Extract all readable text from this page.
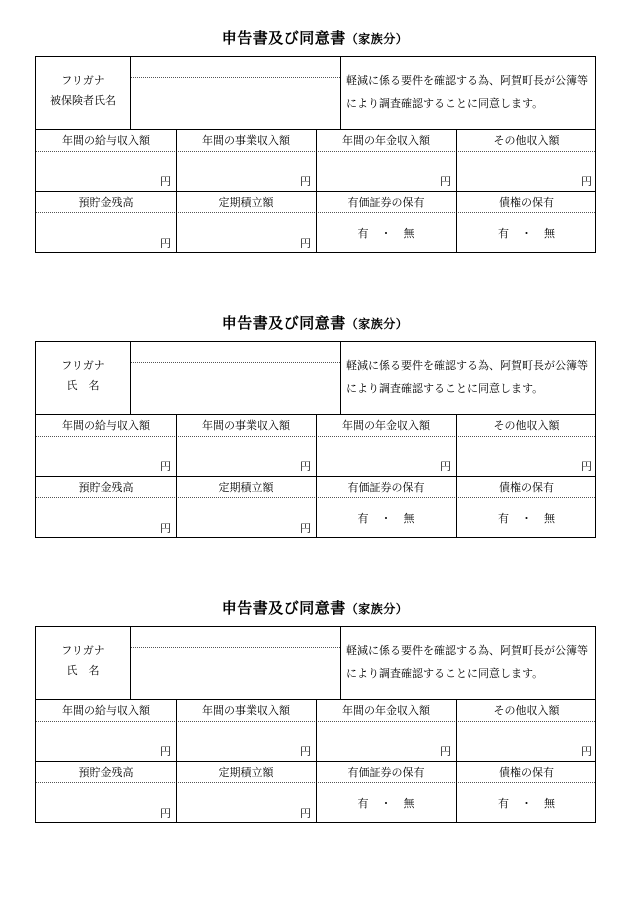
申告書及び同意書（家族分）
フリガナ
被保険者氏名
軽減に係る要件を確認する為、阿賀町長が公簿等
により調査確認することに同意します。
年間の給与収入額
円
年間の事業収入額
円
年間の年金収入額
円
その他収入額
円
預貯金残高
円
定期積立額
円
有価証券の保有
有 ・ 無
債権の保有
有 ・ 無
申告書及び同意書（家族分）
フリガナ
氏　名
軽減に係る要件を確認する為、阿賀町長が公簿等
により調査確認することに同意します。
年間の給与収入額
円
年間の事業収入額
円
年間の年金収入額
円
その他収入額
円
預貯金残高
円
定期積立額
円
有価証券の保有
有 ・ 無
債権の保有
有 ・ 無
申告書及び同意書（家族分）
フリガナ
氏　名
軽減に係る要件を確認する為、阿賀町長が公簿等
により調査確認することに同意します。
年間の給与収入額
円
年間の事業収入額
円
年間の年金収入額
円
その他収入額
円
預貯金残高
円
定期積立額
円
有価証券の保有
有 ・ 無
債権の保有
有 ・ 無
